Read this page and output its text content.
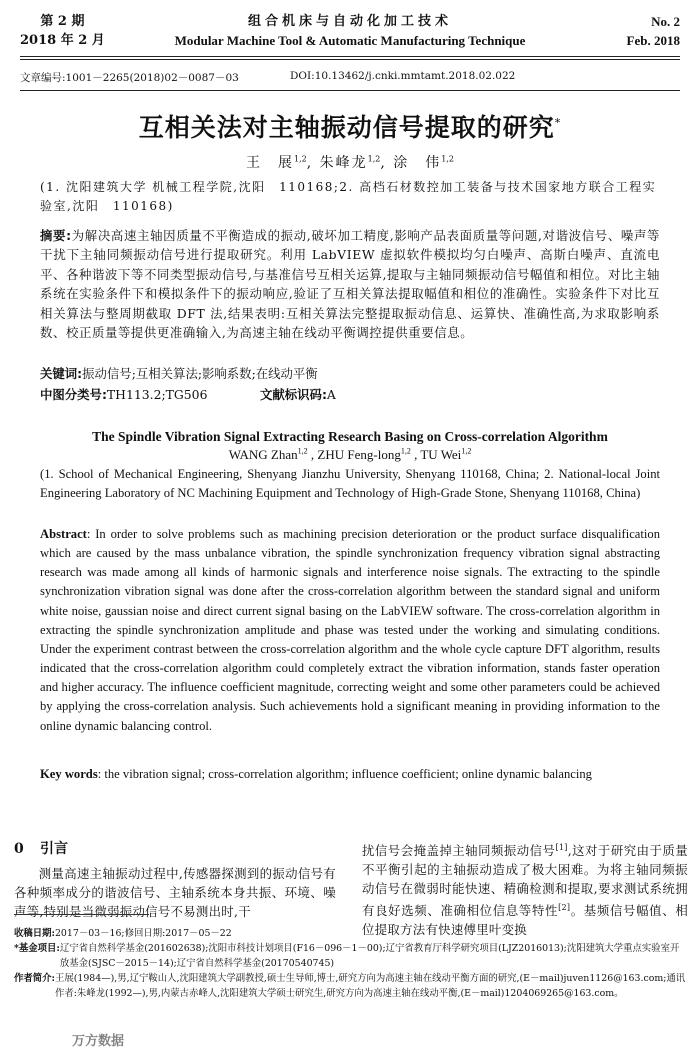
第 2 期
2018 年 2 月
组合机床与自动化加工技术
Modular Machine Tool & Automatic Manufacturing Technique
No. 2
Feb. 2018
文章编号:1001－2265(2018)02－0087－03	DOI:10.13462/j.cnki.mmtamt.2018.02.022
互相关法对主轴振动信号提取的研究*
王　展$^{1,2}$, 朱峰龙$^{1,2}$, 涂　伟$^{1,2}$
(1. 沈阳建筑大学 机械工程学院,沈阳　110168;2. 高档石材数控加工装备与技术国家地方联合工程实验室,沈阳　110168)
摘要:为解决高速主轴因质量不平衡造成的振动,破坏加工精度,影响产品表面质量等问题,对谐波信号、噪声等干扰下主轴同频振动信号进行提取研究。利用 LabVIEW 虚拟软件模拟均匀白噪声、高斯白噪声、直流电平、各种谐波下等不同类型振动信号,与基准信号互相关运算,提取与主轴同频振动信号幅值和相位。对比主轴系统在实验条件下和模拟条件下的振动响应,验证了互相关算法提取幅值和相位的准确性。实验条件下对比互相关算法与整周期截取 DFT 法,结果表明:互相关算法完整提取振动信息、运算快、准确性高,为求取影响系数、校正质量等提供更准确输入,为高速主轴在线动平衡调控提供重要信息。
关键词:振动信号;互相关算法;影响系数;在线动平衡
中图分类号:TH113.2;TG506	文献标识码:A
The Spindle Vibration Signal Extracting Research Basing on Cross-correlation Algorithm
WANG Zhan$^{1,2}$ , ZHU Feng-long$^{1,2}$ , TU Wei$^{1,2}$
(1. School of Mechanical Engineering, Shenyang Jianzhu University, Shenyang 110168, China; 2. National-local Joint Engineering Laboratory of NC Machining Equipment and Technology of High-Grade Stone, Shenyang 110168, China)
Abstract: In order to solve problems such as machining precision deterioration or the product surface disqualification which are caused by the mass unbalance vibration, the spindle synchronization frequency vibration signal abstracting research was made among all kinds of harmonic signals and interference noise signals. The extracting to the spindle synchronization vibration signal was done after the cross-correlation algorithm between the standard signal and uniform white noise, gaussian noise and direct current signal basing on the LabVIEW software. The cross-correlation algorithm in extracting the spindle synchronization amplitude and phase was tested under the working and simulating conditions. Under the experiment contrast between the cross-correlation algorithm and the whole cycle capture DFT algorithm, results indicated that the cross-correlation algorithm could completely extract the vibration information, stands faster operation and higher accuracy. The influence coefficient magnitude, correcting weight and some other parameters could be achieved by applying the cross-correlation analysis. Such achievements hold a significant meaning in providing information to the online dynamic balancing control.
Key words: the vibration signal; cross-correlation algorithm; influence coefficient; online dynamic balancing
0 引言
测量高速主轴振动过程中,传感器探测到的振动信号有各种频率成分的谐波信号、主轴系统本身共振、环境、噪声等,特别是当微弱振动信号不易测出时,干
扰信号会掩盖掉主轴同频振动信号[1],这对于研究由于质量不平衡引起的主轴振动造成了极大困难。为将主轴同频振动信号在微弱时能快速、精确检测和提取,要求测试系统拥有良好选频、准确相位信息等特性[2]。基频信号幅值、相位提取方法有快速傅里叶变换
收稿日期: 2017－03－16;修回日期:2017－05－22
*基金项目: 辽宁省自然科学基金(201602638);沈阳市科技计划项目(F16－096－1－00);辽宁省教育厅科学研究项目(LJZ2016013);沈阳建筑大学重点实验室开放基金(SJSC－2015－14);辽宁省自然科学基金(20170540745)
作者简介: 王展(1984—),男,辽宁鞍山人,沈阳建筑大学副教授,硕士生导师,博士,研究方向为高速主轴在线动平衡方面的研究,(E－mail)juven1126@163.com;通讯作者:朱峰龙(1992—),男,内蒙古赤峰人,沈阳建筑大学硕士研究生,研究方向为高速主轴在线动平衡,(E－mail)1204069265@163.com。
万方数据
